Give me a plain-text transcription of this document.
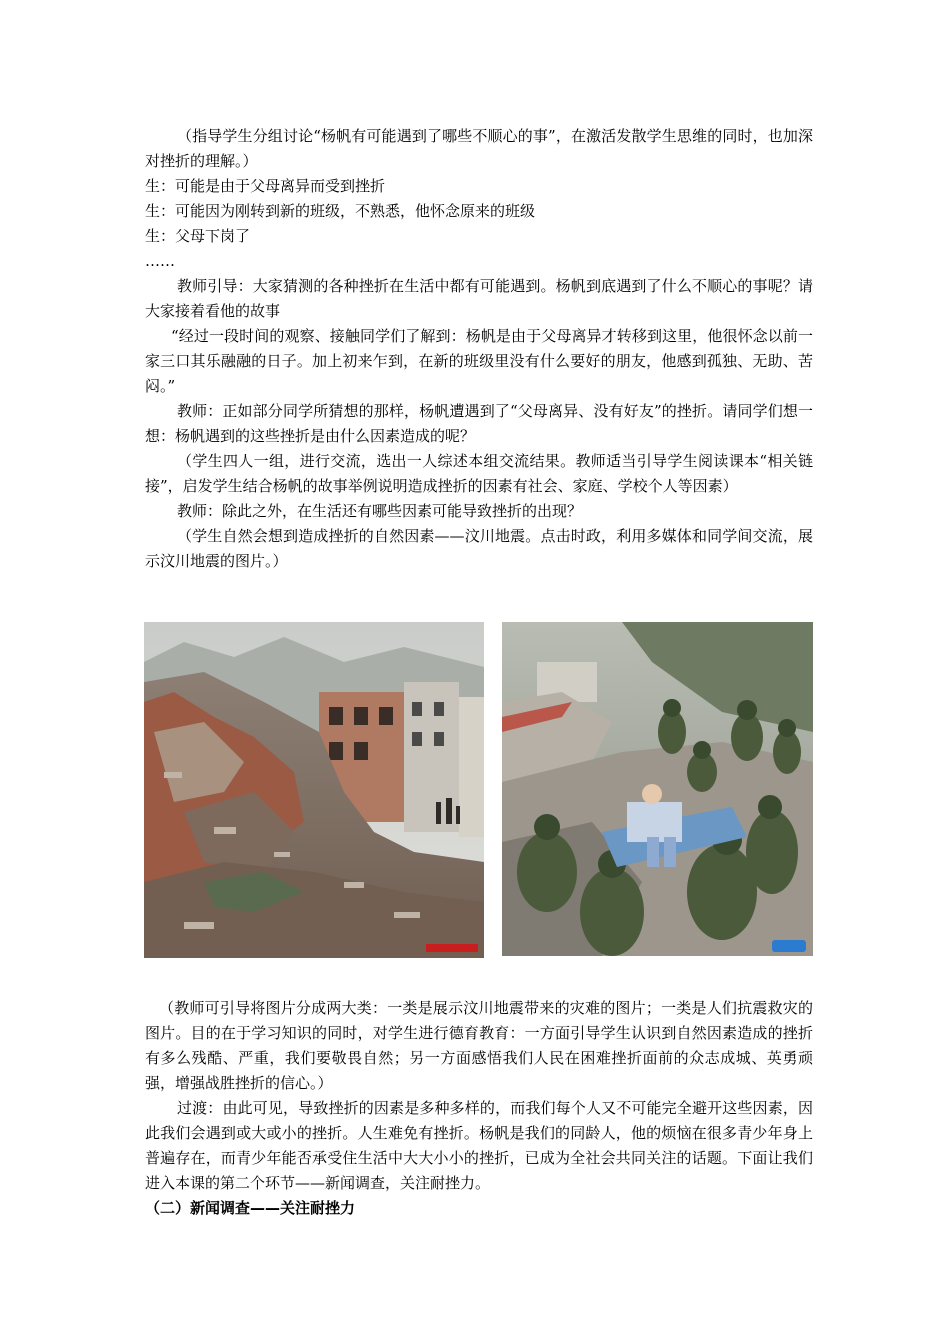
（指导学生分组讨论“杨帆有可能遇到了哪些不顺心的事”，在激活发散学生思维的同时，也加深对挫折的理解。）

生：可能是由于父母离异而受到挫折

生：可能因为刚转到新的班级，不熟悉，他怀念原来的班级

生：父母下岗了

……

教师引导：大家猜测的各种挫折在生活中都有可能遇到。杨帆到底遇到了什么不顺心的事呢？请大家接着看他的故事

“经过一段时间的观察、接触同学们了解到：杨帆是由于父母离异才转移到这里，他很怀念以前一家三口其乐融融的日子。加上初来乍到，在新的班级里没有什么要好的朋友，他感到孤独、无助、苦闷。”

教师：正如部分同学所猜想的那样，杨帆遭遇到了“父母离异、没有好友”的挫折。请同学们想一想：杨帆遇到的这些挫折是由什么因素造成的呢？

（学生四人一组，进行交流，选出一人综述本组交流结果。教师适当引导学生阅读课本“相关链接”，启发学生结合杨帆的故事举例说明造成挫折的因素有社会、家庭、学校个人等因素）

教师：除此之外，在生活还有哪些因素可能导致挫折的出现？

（学生自然会想到造成挫折的自然因素——汶川地震。点击时政，利用多媒体和同学间交流，展示汶川地震的图片。）

（教师可引导将图片分成两大类：一类是展示汶川地震带来的灾难的图片；一类是人们抗震救灾的图片。目的在于学习知识的同时，对学生进行德育教育：一方面引导学生认识到自然因素造成的挫折有多么残酷、严重，我们要敬畏自然；另一方面感悟我们人民在困难挫折面前的众志成城、英勇顽强，增强战胜挫折的信心。）

过渡：由此可见，导致挫折的因素是多种多样的，而我们每个人又不可能完全避开这些因素，因此我们会遇到或大或小的挫折。人生难免有挫折。杨帆是我们的同龄人，他的烦恼在很多青少年身上普遍存在，而青少年能否承受住生活中大大小小的挫折，已成为全社会共同关注的话题。下面让我们进入本课的第二个环节——新闻调查，关注耐挫力。

（二）新闻调查——关注耐挫力
